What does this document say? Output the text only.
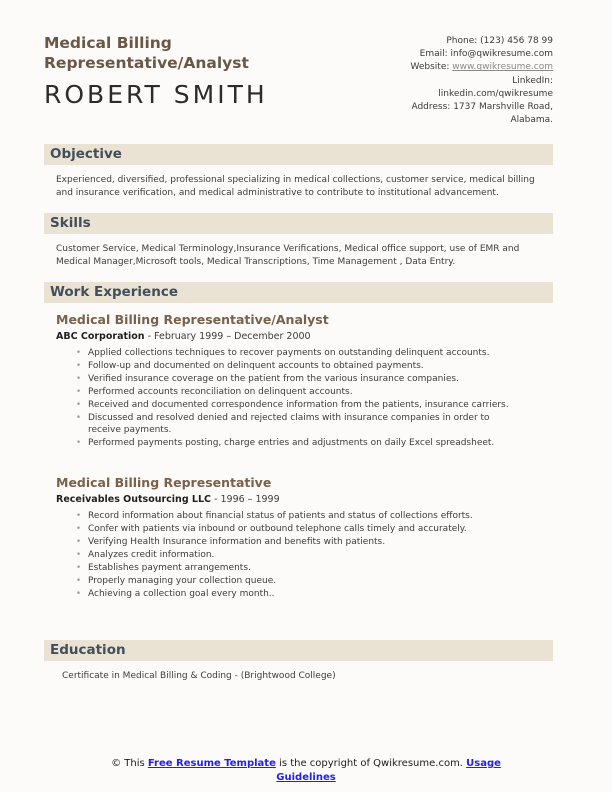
Medical Billing Representative/Analyst
ROBERT SMITH
Phone: (123) 456 78 99
Email: info@qwikresume.com
Website: www.qwikresume.com
LinkedIn:
linkedin.com/qwikresume
Address: 1737 Marshville Road, Alabama.
Objective

Experienced, diversified, professional specializing in medical collections, customer service, medical billing and insurance verification, and medical administrative to contribute to institutional advancement.

Skills

Customer Service, Medical Terminology,Insurance Verifications, Medical office support, use of EMR and Medical Manager,Microsoft tools, Medical Transcriptions, Time Management , Data Entry.

Work Experience
Medical Billing Representative/Analyst
ABC Corporation - February 1999 – December 2000
• Applied collections techniques to recover payments on outstanding delinquent accounts.
• Follow-up and documented on delinquent accounts to obtained payments.
• Verified insurance coverage on the patient from the various insurance companies.
• Performed accounts reconciliation on delinquent accounts.
• Received and documented correspondence information from the patients, insurance carriers.
• Discussed and resolved denied and rejected claims with insurance companies in order to receive payments.
• Performed payments posting, charge entries and adjustments on daily Excel spreadsheet.
Medical Billing Representative
Receivables Outsourcing LLC - 1996 – 1999
• Record information about financial status of patients and status of collections efforts.
• Confer with patients via inbound or outbound telephone calls timely and accurately.
• Verifying Health Insurance information and benefits with patients.
• Analyzes credit information.
• Establishes payment arrangements.
• Properly managing your collection queue.
• Achieving a collection goal every month..
Education

Certificate in Medical Billing & Coding - (Brightwood College)

© This Free Resume Template is the copyright of Qwikresume.com. Usage Guidelines
